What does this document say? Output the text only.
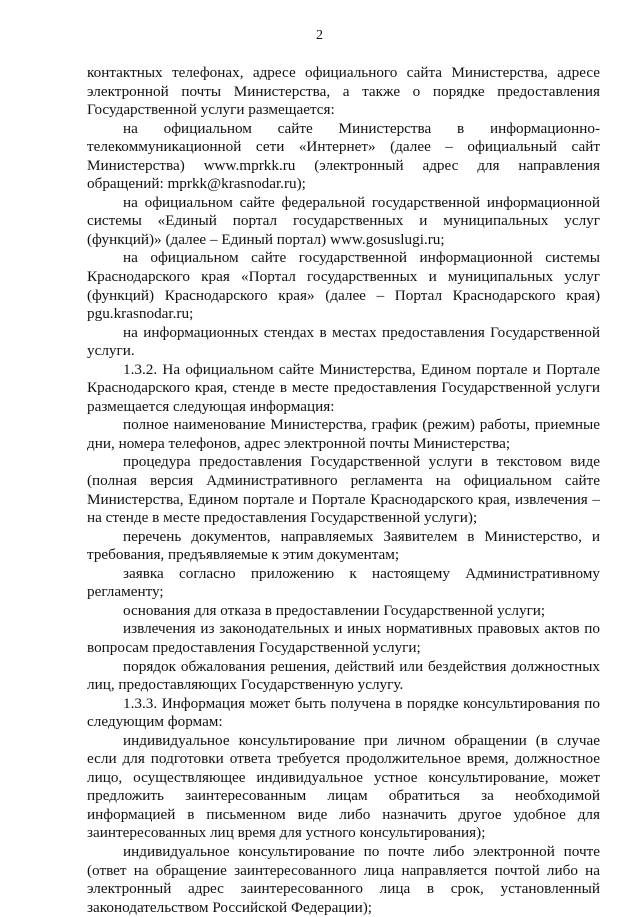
2

контактных телефонах, адресе официального сайта Министерства, адресе электронной почты Министерства, а также о порядке предоставления Государственной услуги размещается:

на официальном сайте Министерства в информационно-телекоммуникационной сети «Интернет» (далее – официальный сайт Министерства) www.mprkk.ru (электронный адрес для направления обращений: mprkk@krasnodar.ru);

на официальном сайте федеральной государственной информационной системы «Единый портал государственных и муниципальных услуг (функций)» (далее – Единый портал) www.gosuslugi.ru;

на официальном сайте государственной информационной системы Краснодарского края «Портал государственных и муниципальных услуг (функций) Краснодарского края» (далее – Портал Краснодарского края) pgu.krasnodar.ru;

на информационных стендах в местах предоставления Государственной услуги.

1.3.2. На официальном сайте Министерства, Едином портале и Портале Краснодарского края, стенде в месте предоставления Государственной услуги размещается следующая информация:

полное наименование Министерства, график (режим) работы, приемные дни, номера телефонов, адрес электронной почты Министерства;

процедура предоставления Государственной услуги в текстовом виде (полная версия Административного регламента на официальном сайте Министерства, Едином портале и Портале Краснодарского края, извлечения – на стенде в месте предоставления Государственной услуги);

перечень документов, направляемых Заявителем в Министерство, и требования, предъявляемые к этим документам;

заявка согласно приложению к настоящему Административному регламенту;

основания для отказа в предоставлении Государственной услуги;

извлечения из законодательных и иных нормативных правовых актов по вопросам предоставления Государственной услуги;

порядок обжалования решения, действий или бездействия должностных лиц, предоставляющих Государственную услугу.

1.3.3. Информация может быть получена в порядке консультирования по следующим формам:

индивидуальное консультирование при личном обращении (в случае если для подготовки ответа требуется продолжительное время, должностное лицо, осуществляющее индивидуальное устное консультирование, может предложить заинтересованным лицам обратиться за необходимой информацией в письменном виде либо назначить другое удобное для заинтересованных лиц время для устного консультирования);

индивидуальное консультирование по почте либо электронной почте (ответ на обращение заинтересованного лица направляется почтой либо на электронный адрес заинтересованного лица в срок, установленный законодательством Российской Федерации);
